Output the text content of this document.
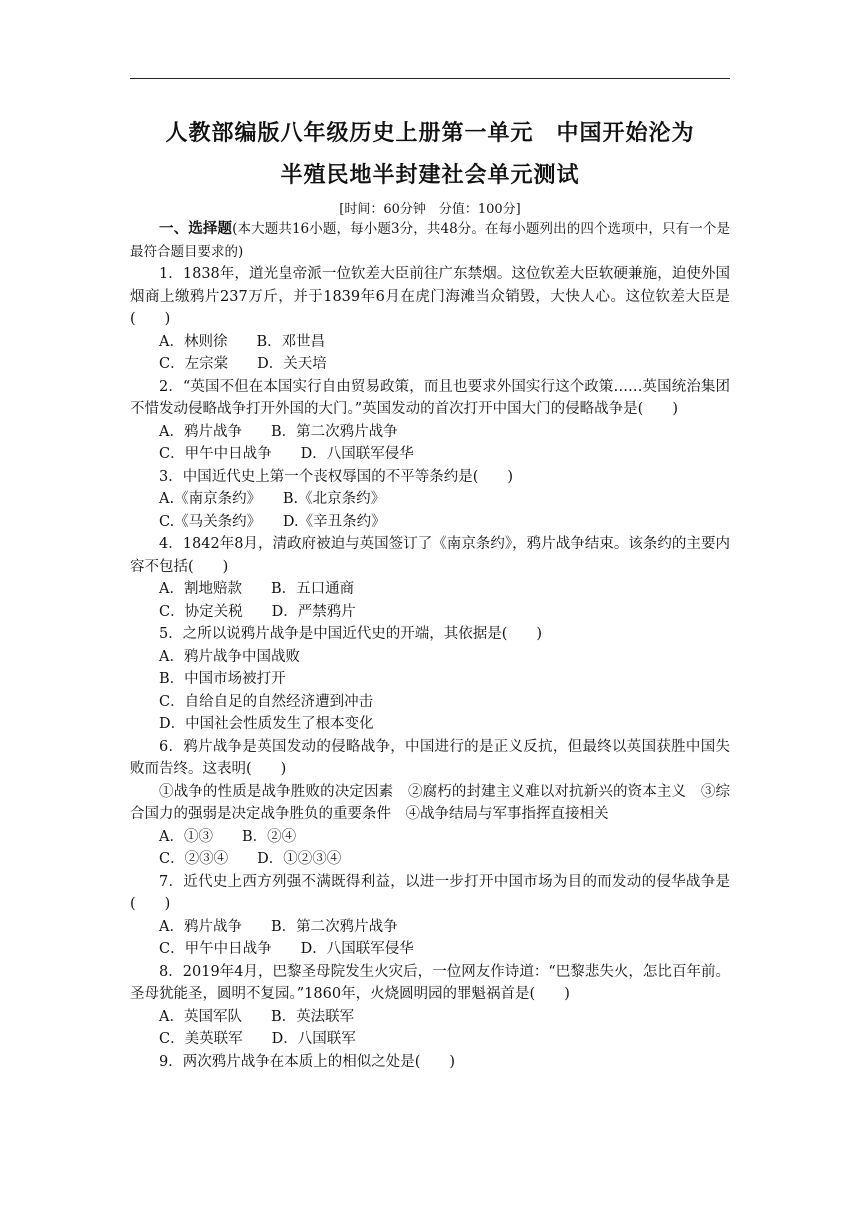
人教部编版八年级历史上册第一单元　中国开始沦为
半殖民地半封建社会单元测试
[时间：60分钟　分值：100分]

一、选择题(本大题共16小题，每小题3分，共48分。在每小题列出的四个选项中，只有一个是最符合题目要求的)

1．1838年，道光皇帝派一位钦差大臣前往广东禁烟。这位钦差大臣软硬兼施，迫使外国烟商上缴鸦片237万斤，并于1839年6月在虎门海滩当众销毁，大快人心。这位钦差大臣是(　　)

A．林则徐　　B．邓世昌

C．左宗棠　　D．关天培

2．“英国不但在本国实行自由贸易政策，而且也要求外国实行这个政策……英国统治集团不惜发动侵略战争打开外国的大门。”英国发动的首次打开中国大门的侵略战争是(　　)

A．鸦片战争　　B．第二次鸦片战争

C．甲午中日战争　　D．八国联军侵华

3．中国近代史上第一个丧权辱国的不平等条约是(　　)

A.《南京条约》　　B.《北京条约》

C.《马关条约》　　D.《辛丑条约》

4．1842年8月，清政府被迫与英国签订了《南京条约》，鸦片战争结束。该条约的主要内容不包括(　　)

A．割地赔款　　B．五口通商

C．协定关税　　D．严禁鸦片

5．之所以说鸦片战争是中国近代史的开端，其依据是(　　)

A．鸦片战争中国战败

B．中国市场被打开

C．自给自足的自然经济遭到冲击

D．中国社会性质发生了根本变化

6．鸦片战争是英国发动的侵略战争，中国进行的是正义反抗，但最终以英国获胜中国失败而告终。这表明(　　)

①战争的性质是战争胜败的决定因素　②腐朽的封建主义难以对抗新兴的资本主义　③综合国力的强弱是决定战争胜负的重要条件　④战争结局与军事指挥直接相关

A．①③　　B．②④

C．②③④　　D．①②③④

7．近代史上西方列强不满既得利益，以进一步打开中国市场为目的而发动的侵华战争是(　　)

A．鸦片战争　　B．第二次鸦片战争

C．甲午中日战争　　D．八国联军侵华

8．2019年4月，巴黎圣母院发生火灾后，一位网友作诗道：“巴黎悲失火，怎比百年前。圣母犹能圣，圆明不复园。”1860年，火烧圆明园的罪魁祸首是(　　)

A．英国军队　　B．英法联军

C．美英联军　　D．八国联军

9．两次鸦片战争在本质上的相似之处是(　　)
